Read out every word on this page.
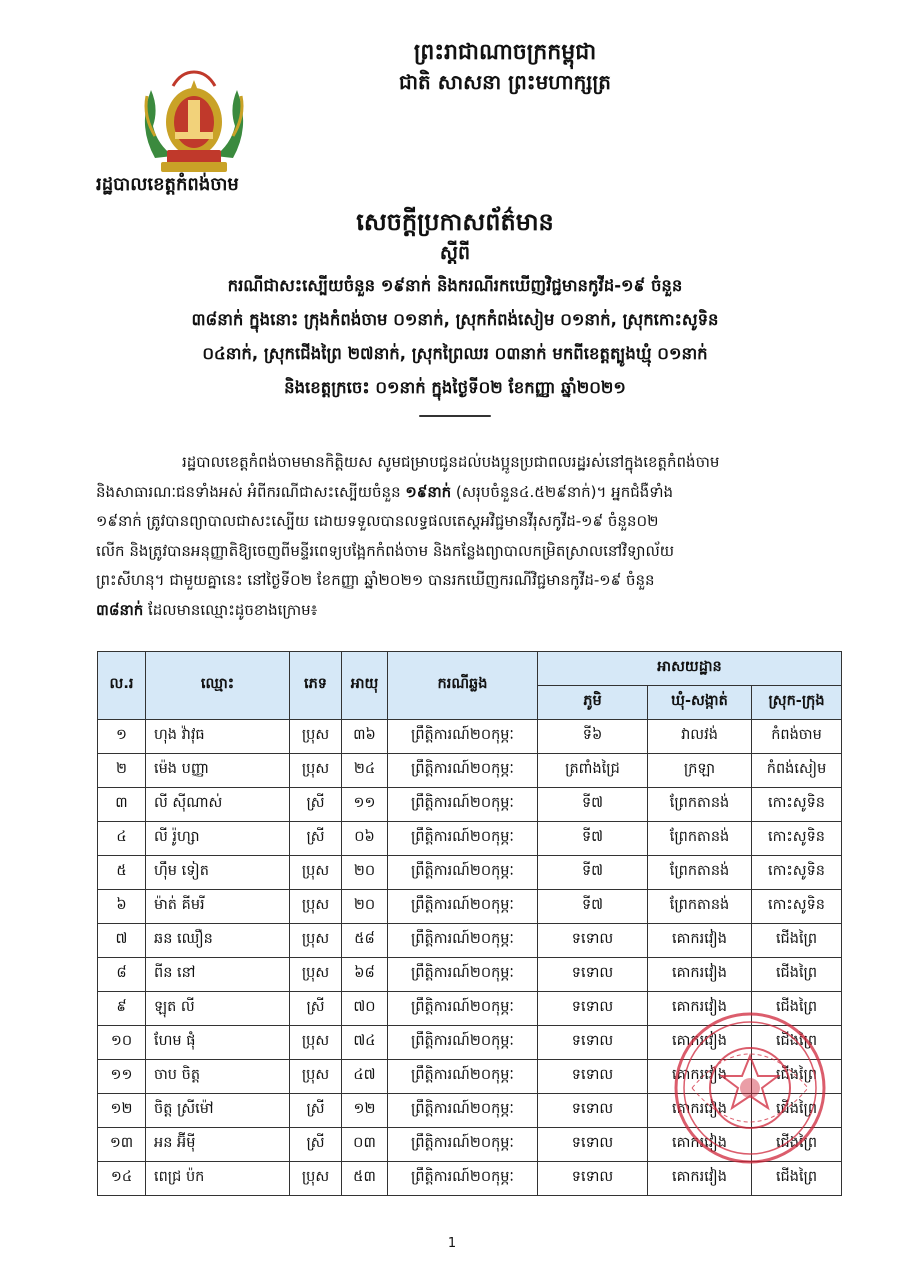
ព្រះរាជាណាចក្រកម្ពុជា
ជាតិ សាសនា ព្រះមហាក្សត្រ
រដ្ឋបាលខេត្តកំពង់ចាម
សេចក្តីប្រកាសព័ត៌មាន
ស្តីពី
ករណីជាសះស្បើយចំនួន ១៩នាក់ និងករណីរកឃើញវិជ្ជមានកូវីដ-១៩ ចំនួន
៣៨នាក់ ក្នុងនោះ ក្រុងកំពង់ចាម ០១នាក់, ស្រុកកំពង់សៀម ០១នាក់, ស្រុកកោះសូទិន
០៤នាក់, ស្រុកជើងព្រៃ ២៧នាក់, ស្រុកព្រៃឈរ ០៣នាក់ មកពីខេត្តត្បូងឃ្មុំ ០១នាក់
និងខេត្តក្រចេះ ០១នាក់ ក្នុងថ្ងៃទី០២ ខែកញ្ញា ឆ្នាំ២០២១
រដ្ឋបាលខេត្តកំពង់ចាមមានកិត្តិយស សូមជម្រាបជូនដល់បងប្អូនប្រជាពលរដ្ឋរស់នៅក្នុងខេត្តកំពង់ចាម
និងសាធារណៈជនទាំងអស់ អំពីករណីជាសះស្បើយចំនួន ១៩នាក់ (សរុបចំនួន៤.៥២៩នាក់)។ អ្នកជំងឺទាំង
១៩នាក់ ត្រូវបានព្យាបាលជាសះស្បើយ ដោយទទួលបានលទ្ធផលតេស្តអវិជ្ជមានវីរុសកូវីដ-១៩ ចំនួន០២
លើក និងត្រូវបានអនុញ្ញាតិឱ្យចេញពីមន្ទីរពេទ្យបង្អែកកំពង់ចាម និងកន្លែងព្យាបាលកម្រិតស្រាលនៅវិទ្យាល័យ
ព្រះសីហនុ។ ជាមួយគ្នានេះ នៅថ្ងៃទី០២ ខែកញ្ញា ឆ្នាំ២០២១ បានរកឃើញករណីវិជ្ជមានកូវីដ-១៩ ចំនួន
៣៨នាក់ ដែលមានឈ្មោះដូចខាងក្រោម៖
ល.រ	ឈ្មោះ	ភេទ	អាយុ	ករណីឆ្លង	អាសយដ្ឋាន		
					ភូមិ	ឃុំ-សង្កាត់	ស្រុក-ក្រុង
១	ហុង វ៉ាវុធ	ប្រុស	៣៦	ព្រឹត្តិការណ៍២០កុម្ភៈ	ទី៦	វាលវង់	កំពង់ចាម
២	ម៉េង បញ្ញា	ប្រុស	២៤	ព្រឹត្តិការណ៍២០កុម្ភៈ	ត្រពាំងជ្រៃ	ក្រឡា	កំពង់សៀម
៣	លី ស៊ីណាស់	ស្រី	១១	ព្រឹត្តិការណ៍២០កុម្ភៈ	ទី៧	ព្រែកតានង់	កោះសូទិន
៤	លី រ៉ូហ្សា	ស្រី	០៦	ព្រឹត្តិការណ៍២០កុម្ភៈ	ទី៧	ព្រែកតានង់	កោះសូទិន
៥	ហ៊ឹម ទៀត	ប្រុស	២០	ព្រឹត្តិការណ៍២០កុម្ភៈ	ទី៧	ព្រែកតានង់	កោះសូទិន
៦	ម៉ាត់ គីមរី	ប្រុស	២០	ព្រឹត្តិការណ៍២០កុម្ភៈ	ទី៧	ព្រែកតានង់	កោះសូទិន
៧	ឆន ឈឿន	ប្រុស	៥៨	ព្រឹត្តិការណ៍២០កុម្ភៈ	ទទោល	គោករវៀង	ជើងព្រៃ
៨	ពីន នៅ	ប្រុស	៦៨	ព្រឹត្តិការណ៍២០កុម្ភៈ	ទទោល	គោករវៀង	ជើងព្រៃ
៩	ឡុត លី	ស្រី	៧០	ព្រឹត្តិការណ៍២០កុម្ភៈ	ទទោល	គោករវៀង	ជើងព្រៃ
១០	ហែម ផុំ	ប្រុស	៧៤	ព្រឹត្តិការណ៍២០កុម្ភៈ	ទទោល	គោករវៀង	ជើងព្រៃ
១១	ចាប ចិត្ត	ប្រុស	៤៧	ព្រឹត្តិការណ៍២០កុម្ភៈ	ទទោល	គោករវៀង	ជើងព្រៃ
១២	ចិត្ត ស្រីម៉ៅ	ស្រី	១២	ព្រឹត្តិការណ៍២០កុម្ភៈ	ទទោល	គោករវៀង	ជើងព្រៃ
១៣	អន អ៊ីម៉ី	ស្រី	០៣	ព្រឹត្តិការណ៍២០កុម្ភៈ	ទទោល	គោករវៀង	ជើងព្រៃ
១៤	ពេជ្រ ប៉ក	ប្រុស	៥៣	ព្រឹត្តិការណ៍២០កុម្ភៈ	ទទោល	គោករវៀង	ជើងព្រៃ
1
